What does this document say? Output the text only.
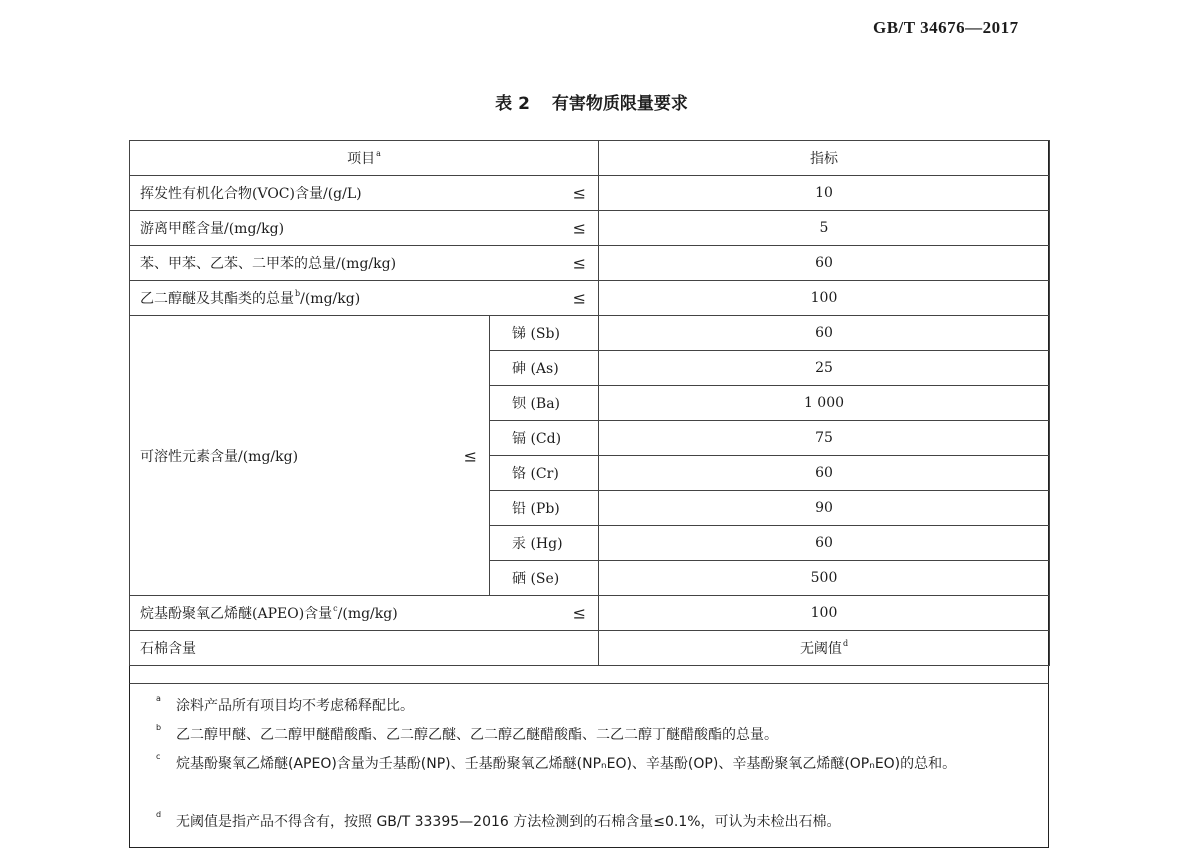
GB/T 34676—2017
表 2 有害物质限量要求
项目$^a$		指标
挥发性有机化合物(VOC)含量/(g/L) ≤		10
游离甲醛含量/(mg/kg) ≤		5
苯、甲苯、乙苯、二甲苯的总量/(mg/kg) ≤		60
乙二醇醚及其酯类的总量$^b$/(mg/kg) ≤		100
可溶性元素含量/(mg/kg) ≤	锑 (Sb)	60
	砷 (As)	25
	钡 (Ba)	1 000
	镉 (Cd)	75
	铬 (Cr)	60
	铅 (Pb)	90
	汞 (Hg)	60
	硒 (Se)	500
烷基酚聚氧乙烯醚(APEO)含量$^c$/(mg/kg) ≤		100
石棉含量		无阈值$^d$
a 涂料产品所有项目均不考虑稀释配比。
b 乙二醇甲醚、乙二醇甲醚醋酸酯、乙二醇乙醚、乙二醇乙醚醋酸酯、二乙二醇丁醚醋酸酯的总量。
c 烷基酚聚氧乙烯醚(APEO)含量为壬基酚(NP)、壬基酚聚氧乙烯醚(NPₙEO)、辛基酚(OP)、辛基酚聚氧乙烯醚(OPₙEO)的总和。
d 无阈值是指产品不得含有，按照 GB/T 33395—2016 方法检测到的石棉含量≤0.1%，可认为未检出石棉。
